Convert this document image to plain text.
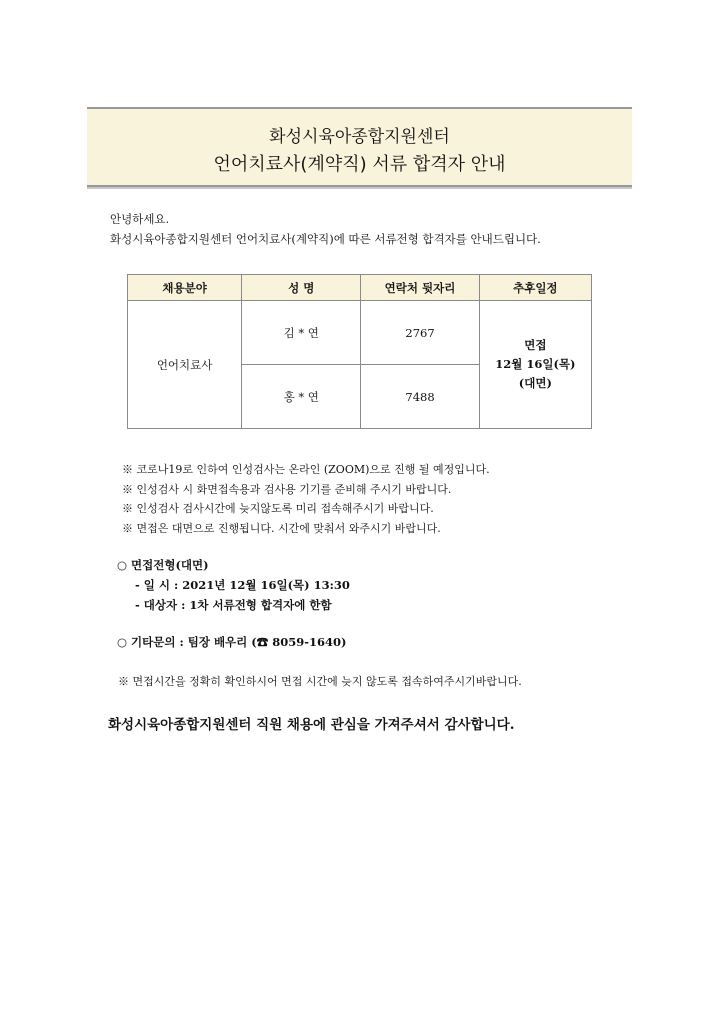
화성시육아종합지원센터
언어치료사(계약직) 서류 합격자 안내
안녕하세요.
화성시육아종합지원센터 언어치료사(계약직)에 따른 서류전형 합격자를 안내드립니다.
채용분야	성 명	연락처 뒷자리	추후일정
언어치료사	김 * 연	2767	면접
12월 16일(목)
(대면)

	홍 * 연	7488	
※ 코로나19로 인하여 인성검사는 온라인 (ZOOM)으로 진행 될 예정입니다.
※ 인성검사 시 화면접속용과 검사용 기기를 준비해 주시기 바랍니다.
※ 인성검사 검사시간에 늦지않도록 미리 접속해주시기 바랍니다.
※ 면접은 대면으로 진행됩니다. 시간에 맞춰서 와주시기 바랍니다.
○ 면접전형(대면)
- 일 시 : 2021년 12월 16일(목) 13:30
- 대상자 : 1차 서류전형 합격자에 한함
○ 기타문의 : 팀장 배우리 (☎ 8059-1640)
※ 면접시간을 정확히 확인하시어 면접 시간에 늦지 않도록 접속하여주시기바랍니다.
화성시육아종합지원센터 직원 채용에 관심을 가져주셔서 감사합니다.
